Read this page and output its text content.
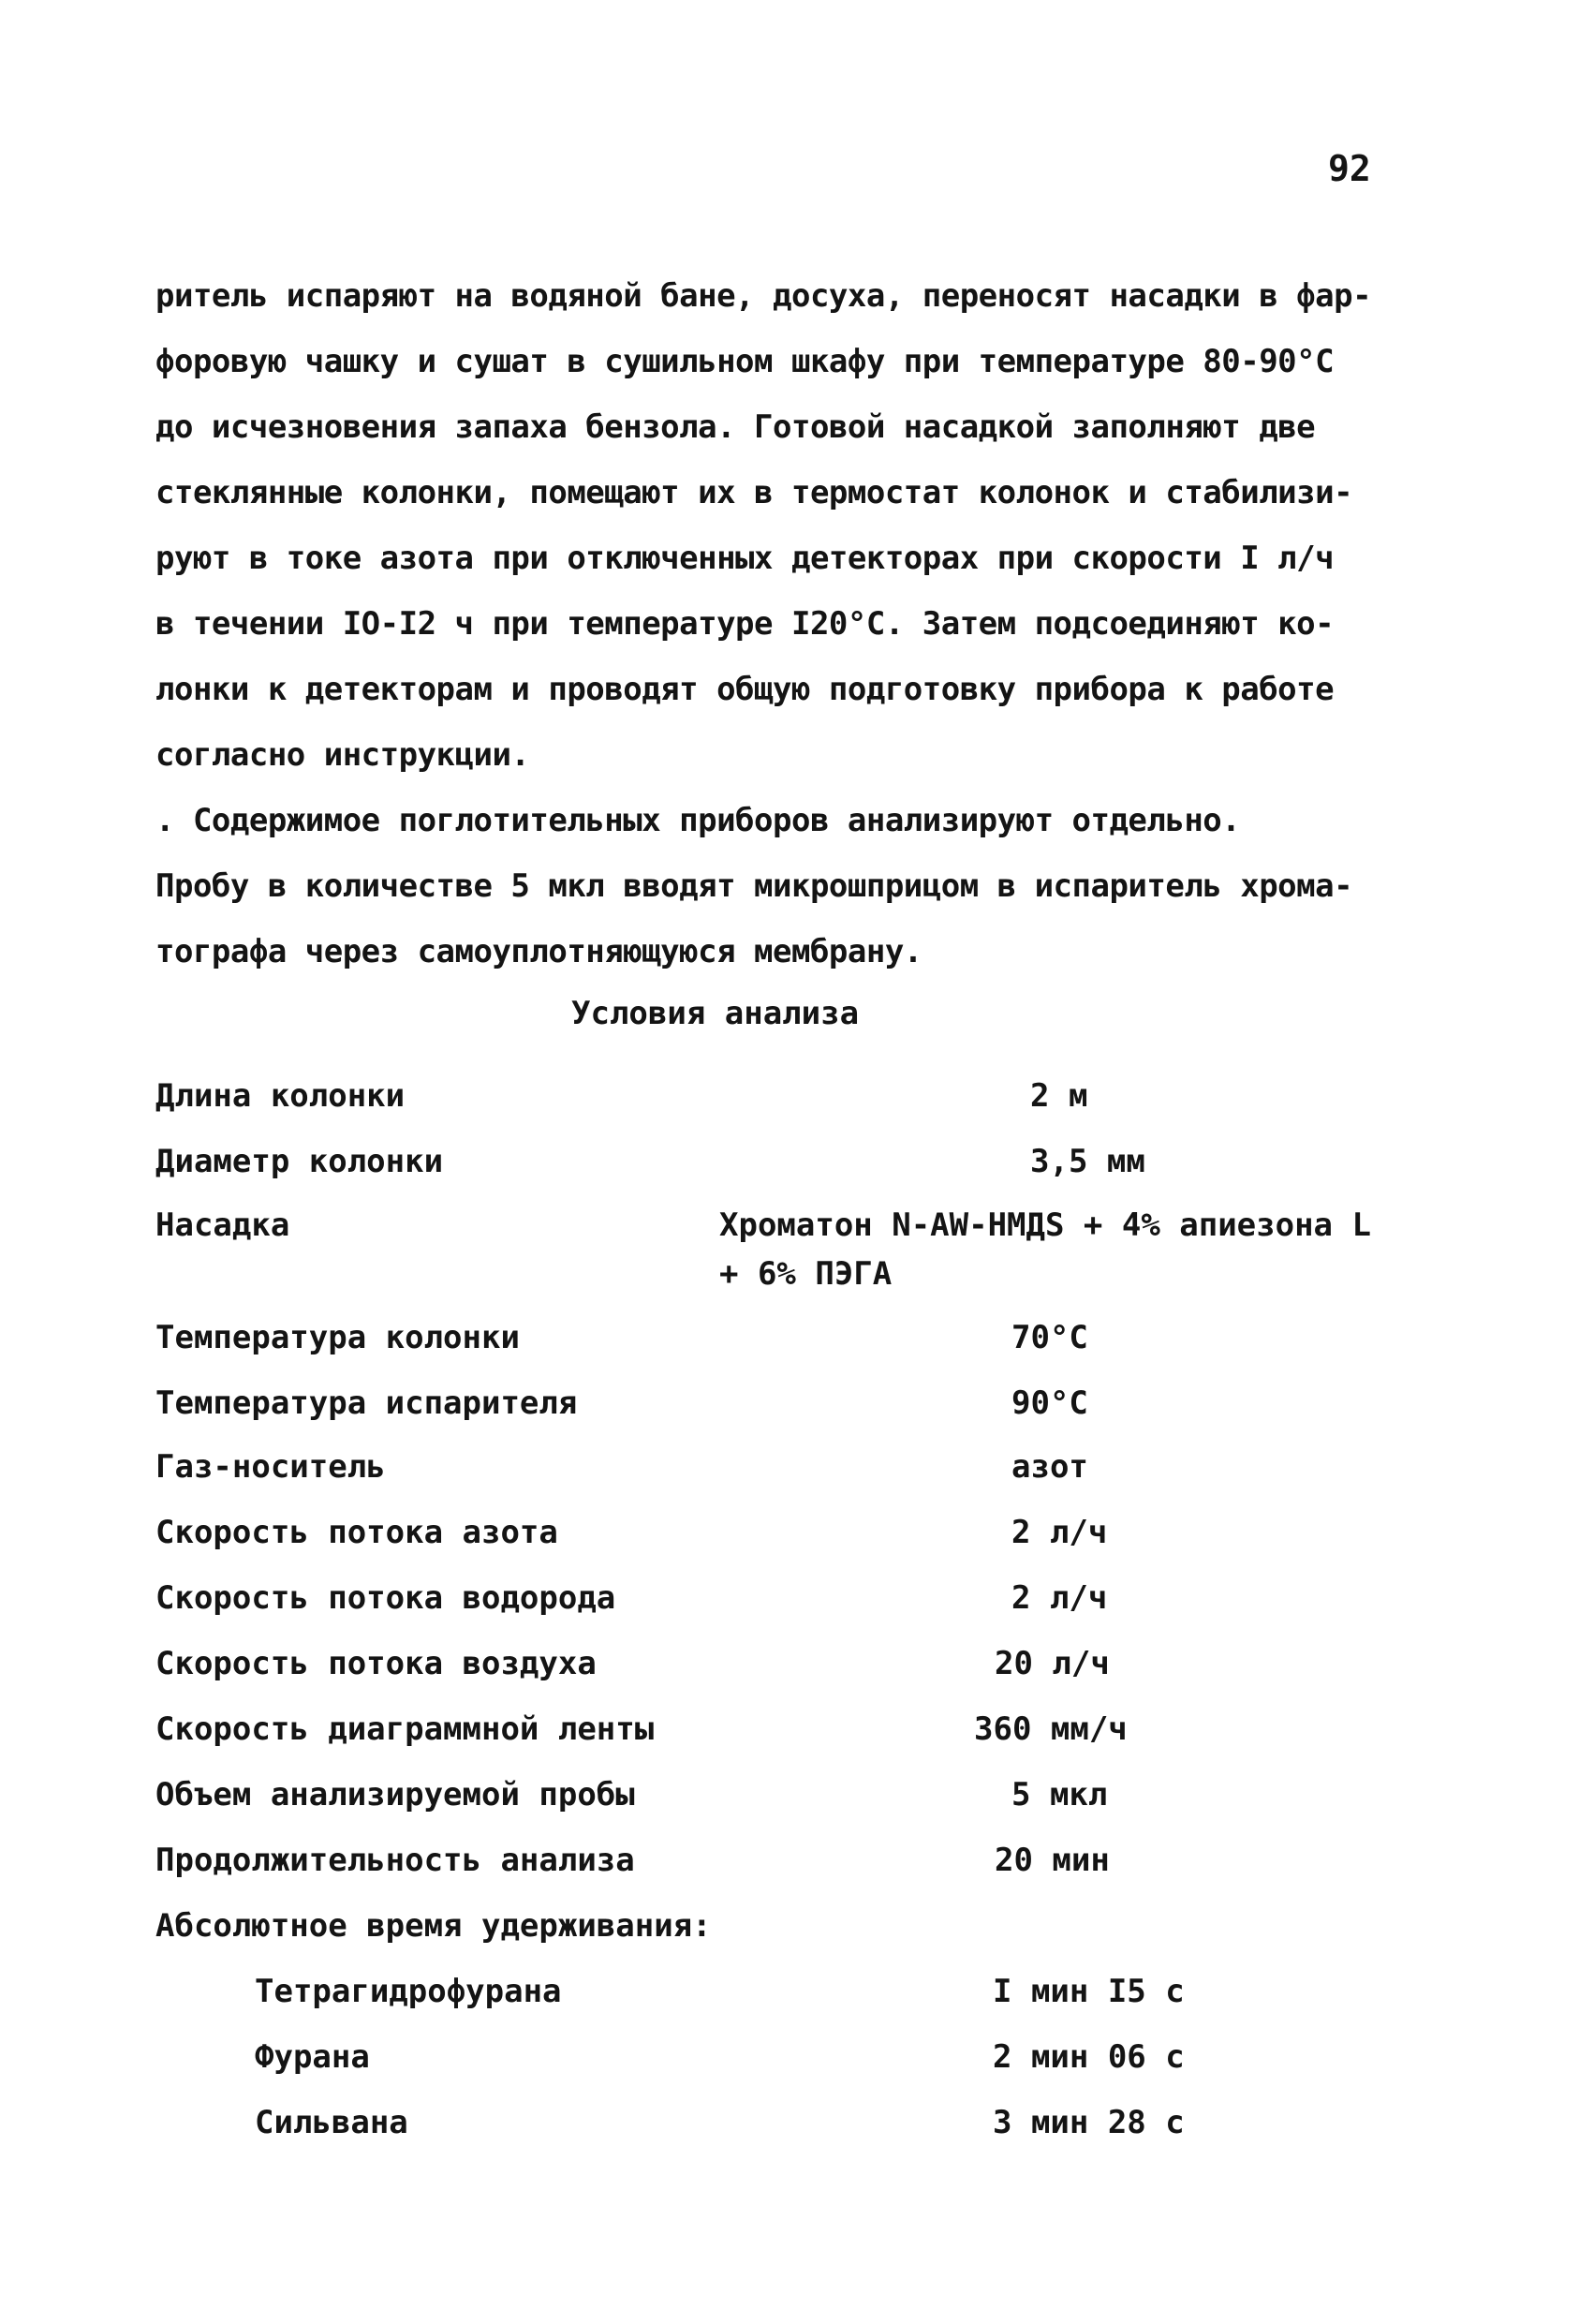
92
ритель испаряют на водяной бане, досуха, переносят насадки в фар-
форовую чашку и сушат в сушильном шкафу при температуре 80-90°C
до исчезновения запаха бензола. Готовой насадкой заполняют две
стеклянные колонки, помещают их в термостат колонок и стабилизи-
руют в токе азота при отключенных детекторах при скорости I л/ч
в течении IO-I2 ч при температуре I20°C. Затем подсоединяют ко-
лонки к детекторам и проводят общую подготовку прибора к работе
согласно инструкции.
. Содержимое поглотительных приборов анализируют отдельно.
Пробу в количестве 5 мкл вводят микрошприцом в испаритель хрома-
тографа через самоуплотняющуюся мембрану.
Условия анализа
Длина колонки	2 м
Диаметр колонки	3,5 мм
Насадка	Хроматон N-AW-HMДS + 4% апиезона L
+ 6% ПЭГА
Температура колонки	70°C
Температура испарителя	90°C
Газ-носитель	азот
Скорость потока азота	2 л/ч
Скорость потока водорода	2 л/ч
Скорость потока воздуха	20 л/ч
Скорость диаграммной ленты	360 мм/ч
Объем анализируемой пробы	5 мкл
Продолжительность анализа	20 мин
Абсолютное время удерживания:
Тетрагидрофурана	I мин I5 с
Фурана	2 мин 06 с
Сильвана	3 мин 28 с
